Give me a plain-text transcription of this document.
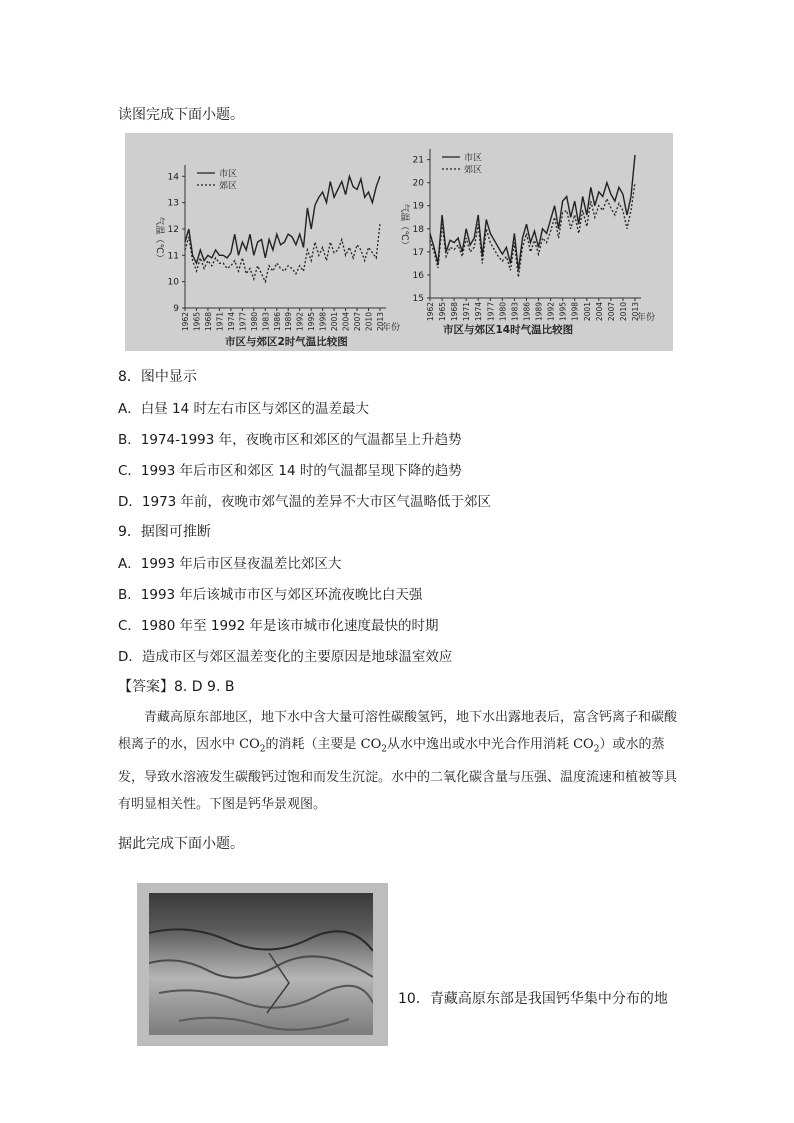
读图完成下面小题。
9
10
11
12
13
14
1962 1965 1968 1971 1974 1977 1980 1983 1986 1989 1992 1995 1998 2001 2004 2007 2010 2013
年份
气温（℃）
市区
郊区
15
16
17
18
19
20
21
1962 1965 1968 1971 1974 1977 1980 1983 1986 1989 1992 1995 1998 2001 2004 2007 2010 2013
年份
气温（℃）
市区
郊区
市区与郊区2时气温比较图
市区与郊区14时气温比较图
8．图中显示
A．白昼 14 时左右市区与郊区的温差最大
B．1974-1993 年，夜晚市区和郊区的气温都呈上升趋势
C．1993 年后市区和郊区 14 时的气温都呈现下降的趋势
D．1973 年前，夜晚市郊气温的差异不大市区气温略低于郊区
9．据图可推断
A．1993 年后市区昼夜温差比郊区大
B．1993 年后该城市市区与郊区环流夜晚比白天强
C．1980 年至 1992 年是该市城市化速度最快的时期
D．造成市区与郊区温差变化的主要原因是地球温室效应
【答案】8. D 9. B
青藏高原东部地区，地下水中含大量可溶性碳酸氢钙，地下水出露地表后，富含钙离子和碳酸根离子的水，因水中 $CO_2$的消耗（主要是 $CO_2$从水中逸出或水中光合作用消耗 $CO_2$）或水的蒸发，导致水溶液发生碳酸钙过饱和而发生沉淀。水中的二氧化碳含量与压强、温度流速和植被等具有明显相关性。下图是钙华景观图。
据此完成下面小题。
10．青藏高原东部是我国钙华集中分布的地
